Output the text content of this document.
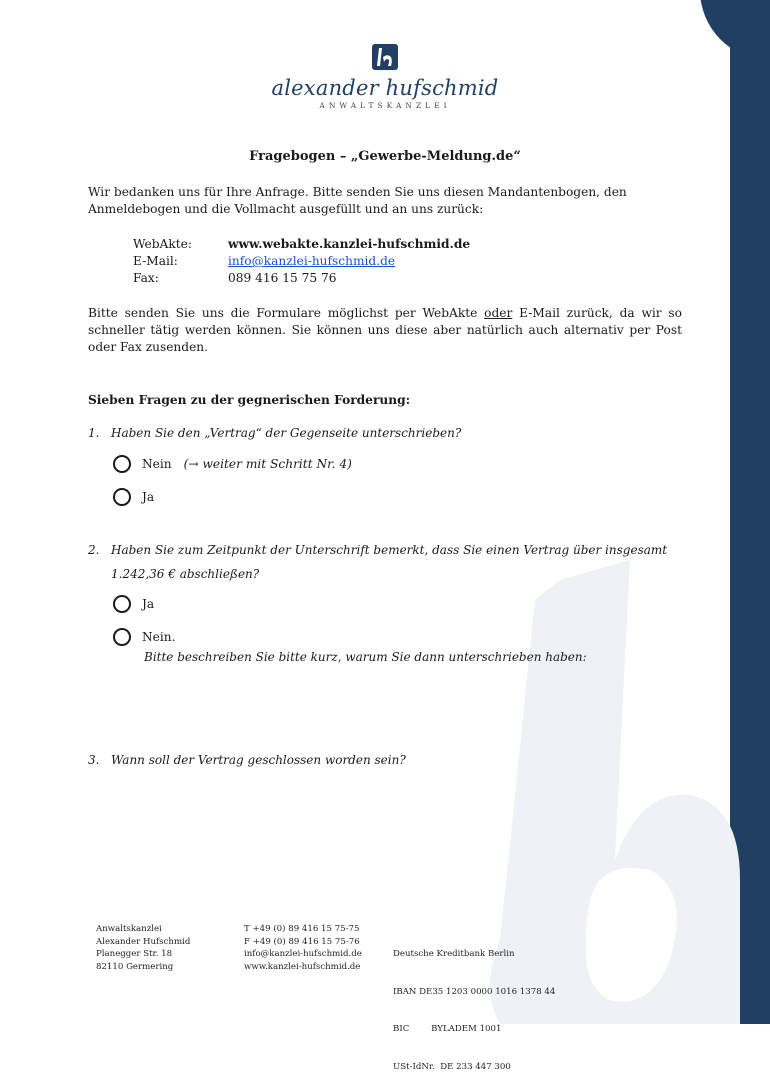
alexander hufschmid
ANWALTSKANZLEI
Fragebogen – „Gewerbe-Meldung.de“
Wir bedanken uns für Ihre Anfrage. Bitte senden Sie uns diesen Mandantenbogen, den Anmeldebogen und die Vollmacht ausgefüllt und an uns zurück:
WebAkte:	www.webakte.kanzlei-hufschmid.de
E-Mail:	info@kanzlei-hufschmid.de
Fax:	089 416 15 75 76
Bitte senden Sie uns die Formulare möglichst per WebAkte oder E-Mail zurück, da wir so schneller tätig werden können. Sie können uns diese aber natürlich auch alternativ per Post oder Fax zusenden.
Sieben Fragen zu der gegnerischen Forderung:
1. Haben Sie den „Vertrag“ der Gegenseite unterschrieben?
Nein (→ weiter mit Schritt Nr. 4)
Ja
2. Haben Sie zum Zeitpunkt der Unterschrift bemerkt, dass Sie einen Vertrag über insgesamt
1.242,36 € abschließen?
Ja
Nein.
Bitte beschreiben Sie bitte kurz, warum Sie dann unterschrieben haben:
3. Wann soll der Vertrag geschlossen worden sein?
Anwaltskanzlei
Alexander Hufschmid
Planegger Str. 18
82110 Germering
T +49 (0) 89 416 15 75-75
F +49 (0) 89 416 15 75-76
info@kanzlei-hufschmid.de
www.kanzlei-hufschmid.de

Deutsche Kreditbank Berlin

IBAN DE35 1203 0000 1016 1378 44

BIC        BYLADEM 1001

USt-IdNr.  DE 233 447 300
